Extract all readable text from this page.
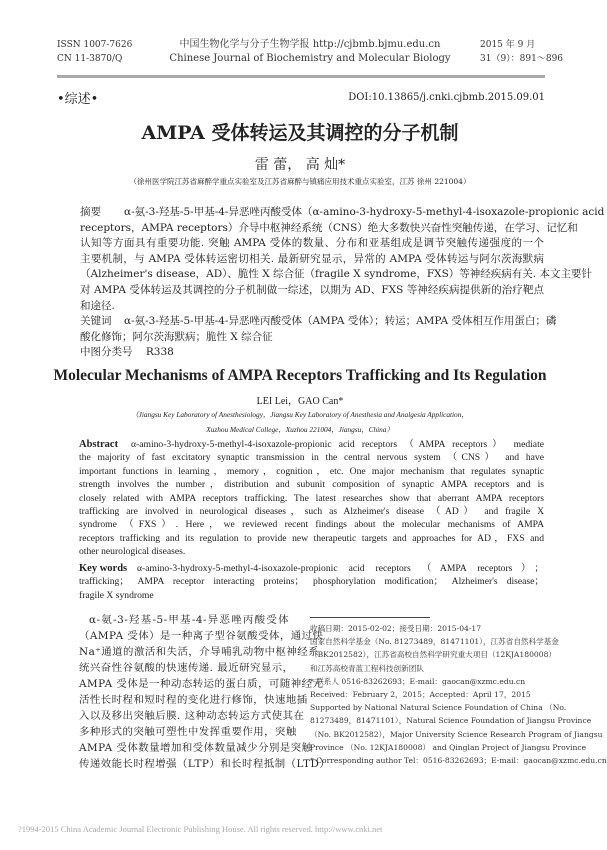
ISSN 1007-7626
CN 11-3870/Q
中国生物化学与分子生物学报 http://cjbmb.bjmu.edu.cn
Chinese Journal of Biochemistry and Molecular Biology
2015 年 9 月
31（9）：891～896
•综述•	DOI:10.13865/j.cnki.cjbmb.2015.09.01
AMPA 受体转运及其调控的分子机制
雷 蕾， 高 灿*
（徐州医学院江苏省麻醉学重点实验室及江苏省麻醉与镇痛应用技术重点实验室，江苏 徐州 221004）
摘要	α-氨-3-羟基-5-甲基-4-异恶唑丙酸受体（α-amino-3-hydroxy-5-methyl-4-isoxazole-propionic acid
receptors，AMPA receptors）介导中枢神经系统（CNS）绝大多数快兴奋性突触传递，在学习、记忆和
认知等方面具有重要功能. 突触 AMPA 受体的数量、分布和亚基组成是调节突触传递强度的一个
主要机制，与 AMPA 受体转运密切相关. 最新研究显示，异常的 AMPA 受体转运与阿尔茨海默病
（Alzheimer's disease，AD）、脆性 X 综合征（fragile X syndrome，FXS）等神经疾病有关. 本文主要针
对 AMPA 受体转运及其调控的分子机制做一综述，以期为 AD、FXS 等神经疾病提供新的治疗靶点
和途径.
关键词	α-氨-3-羟基-5-甲基-4-异恶唑丙酸受体（AMPA 受体）；转运；AMPA 受体相互作用蛋白；磷
酸化修饰；阿尔茨海默病；脆性 X 综合征
中图分类号 R338
Molecular Mechanisms of AMPA Receptors Trafficking and Its Regulation
LEI Lei，GAO Can*
（Jiangsu Key Laboratory of Anesthesiology，Jiangsu Key Laboratory of Anesthesia and Analgesia Application，
Xuzhou Medical College，Xuzhou 221004，Jiangsu，China）
α-amino-3-hydroxy-5-methyl-4-isoxazole-propionic acid receptors （AMPA receptors） mediate
the majority of fast excitatory synaptic transmission in the central nervous system （CNS） and have
important functions in learning，memory，cognition，etc. One major mechanism that regulates synaptic
strength involves the number，distribution and subunit composition of synaptic AMPA receptors and is
closely related with AMPA receptors trafficking. The latest researches show that aberrant AMPA receptors
trafficking are involved in neurological diseases，such as Alzheimer's disease （AD） and fragile X
syndrome （FXS）. Here，we reviewed recent findings about the molecular mechanisms of AMPA
receptors trafficking and its regulation to provide new therapeutic targets and approaches for AD，FXS and
other neurological diseases.
Abstract
α-amino-3-hydroxy-5-methyl-4-isoxazole-propionic acid receptors （AMPA receptors）；
trafficking； AMPA receptor interacting proteins； phosphorylation modification； Alzheimer's disease；
fragile X syndrome
Key words
α-氨-3-羟基-5-甲基-4-异恶唑丙酸受体
（AMPA 受体）是一种离子型谷氨酸受体，通过快
Na⁺通道的激活和失活，介导哺乳动物中枢神经系
统兴奋性谷氨酸的快速传递. 最近研究显示，
AMPA 受体是一种动态转运的蛋白质，可随神经元
活性长时程和短时程的变化进行修饰，快速地插
入以及移出突触后膜. 这种动态转运方式使其在
多种形式的突触可塑性中发挥重要作用，突触
AMPA 受体数量增加和受体数量减少分别是突触
传递效能长时程增强（LTP）和长时程抵制（LTD）
收稿日期：2015-02-02；接受日期：2015-04-17
国家自然科学基金（No. 81273489，81471101），江苏省自然科学基金
（BK2012582），江苏省高校自然科学研究重大项目（12KJA180008）
和江苏高校青蓝工程科技创新团队
* 联系人 0516-83262693；E-mail：gaocan@xzmc.edu.cn
Received：February 2，2015；Accepted：April 17，2015
Supported by National Natural Science Foundation of China （No.
81273489，81471101），Natural Science Foundation of Jiangsu Province
（No. BK2012582），Major University Science Research Program of Jiangsu
Province （No. 12KJA180008） and Qinglan Project of Jiangsu Province
* Corresponding author Tel：0516-83262693；E-mail：gaocan@xzmc.edu.cn
?1994-2015 China Academic Journal Electronic Publishing House. All rights reserved. http://www.cnki.net
